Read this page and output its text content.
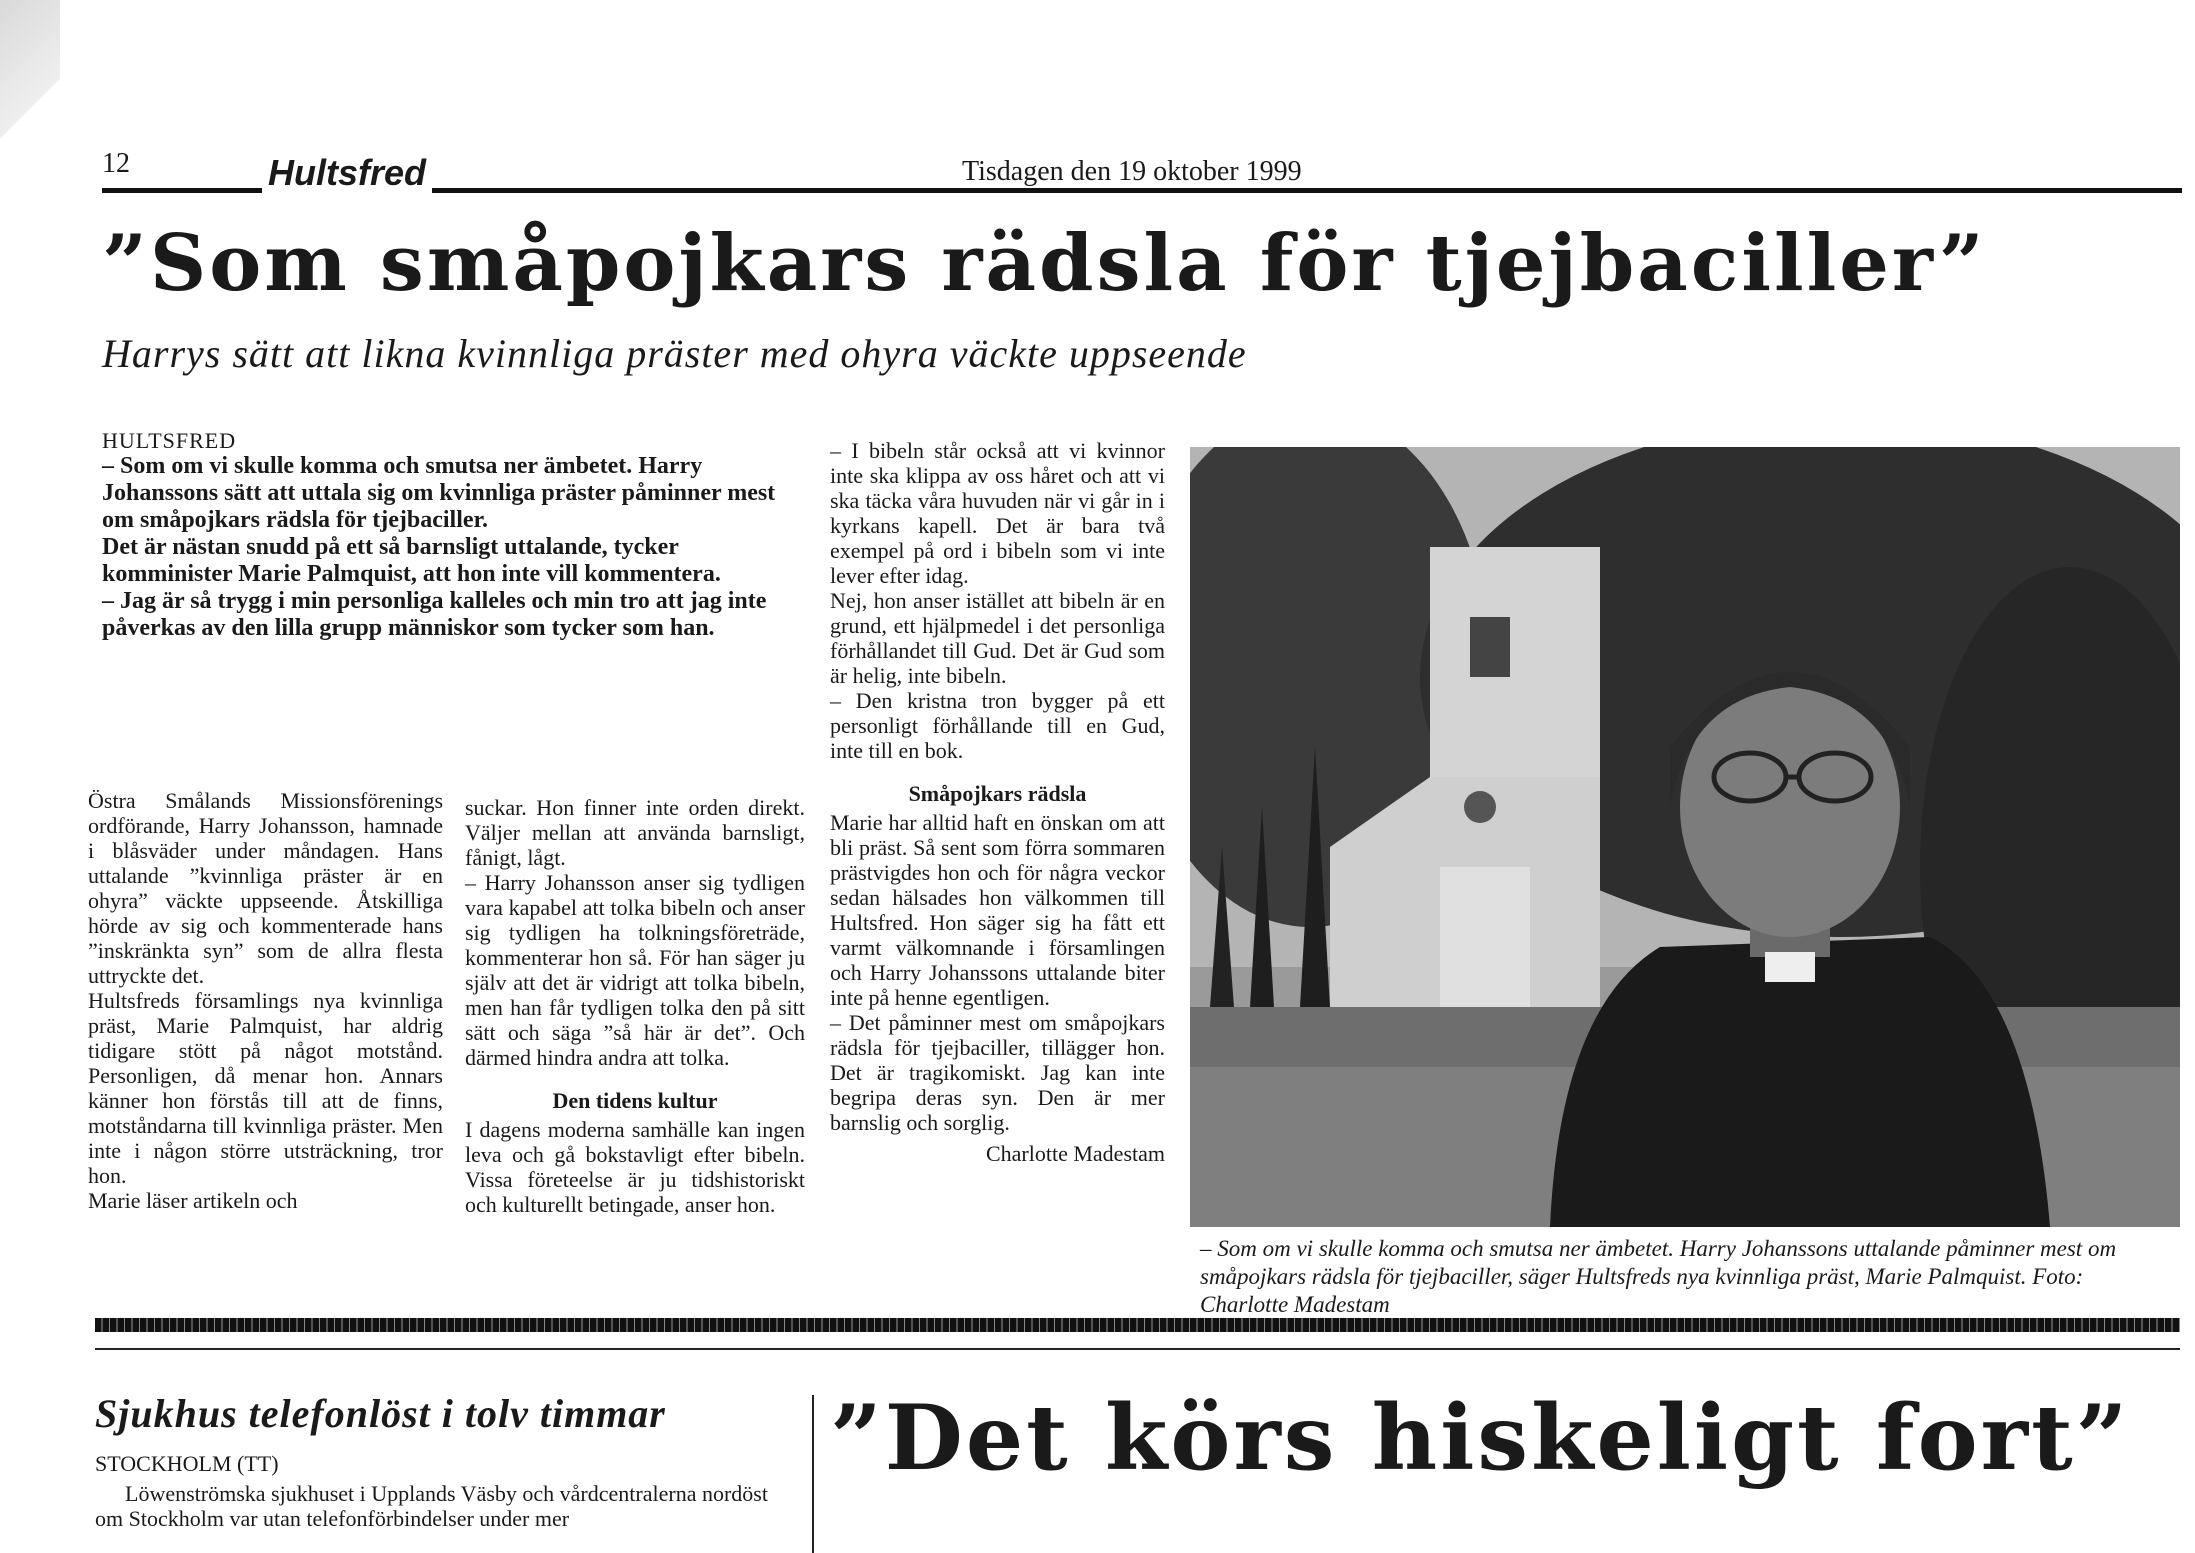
12	Hultsfred	Tisdagen den 19 oktober 1999
”Som småpojkars rädsla för tjejbaciller”
Harrys sätt att likna kvinnliga präster med ohyra väckte uppseende
HULTSFRED

– Som om vi skulle komma och smutsa ner ämbetet. Harry Johanssons sätt att uttala sig om kvinnliga präster påminner mest om småpojkars rädsla för tjejbaciller.

Det är nästan snudd på ett så barnsligt uttalande, tycker komminister Marie Palmquist, att hon inte vill kommentera.

– Jag är så trygg i min personliga kalleles och min tro att jag inte påverkas av den lilla grupp människor som tycker som han.

Östra Smålands Missionsförenings ordförande, Harry Johansson, hamnade i blåsväder under måndagen. Hans uttalande ”kvinnliga präster är en ohyra” väckte uppseende. Åtskilliga hörde av sig och kommenterade hans ”inskränkta syn” som de allra flesta uttryckte det.

Hultsfreds församlings nya kvinnliga präst, Marie Palmquist, har aldrig tidigare stött på något motstånd. Personligen, då menar hon. Annars känner hon förstås till att de finns, motståndarna till kvinnliga präster. Men inte i någon större utsträckning, tror hon.

Marie läser artikeln och

suckar. Hon finner inte orden direkt. Väljer mellan att använda barnsligt, fånigt, lågt.

– Harry Johansson anser sig tydligen vara kapabel att tolka bibeln och anser sig tydligen ha tolkningsföreträde, kommenterar hon så. För han säger ju själv att det är vidrigt att tolka bibeln, men han får tydligen tolka den på sitt sätt och säga ”så här är det”. Och därmed hindra andra att tolka.

Den tidens kultur

I dagens moderna samhälle kan ingen leva och gå bokstavligt efter bibeln. Vissa företeelse är ju tidshistoriskt och kulturellt betingade, anser hon.

– I bibeln står också att vi kvinnor inte ska klippa av oss håret och att vi ska täcka våra huvuden när vi går in i kyrkans kapell. Det är bara två exempel på ord i bibeln som vi inte lever efter idag.

Nej, hon anser istället att bibeln är en grund, ett hjälpmedel i det personliga förhållandet till Gud. Det är Gud som är helig, inte bibeln.

– Den kristna tron bygger på ett personligt förhållande till en Gud, inte till en bok.

Småpojkars rädsla

Marie har alltid haft en önskan om att bli präst. Så sent som förra sommaren prästvigdes hon och för några veckor sedan hälsades hon välkommen till Hultsfred. Hon säger sig ha fått ett varmt välkomnande i församlingen och Harry Johanssons uttalande biter inte på henne egentligen.

– Det påminner mest om småpojkars rädsla för tjejbaciller, tillägger hon. Det är tragikomiskt. Jag kan inte begripa deras syn. Den är mer barnslig och sorglig.

Charlotte Madestam

– Som om vi skulle komma och smutsa ner ämbetet. Harry Johanssons uttalande påminner mest om småpojkars rädsla för tjejbaciller, säger Hultsfreds nya kvinnliga präst, Marie Palmquist. Foto: Charlotte Madestam
Sjukhus telefonlöst i tolv timmar
STOCKHOLM (TT)
Löwenströmska sjukhuset i Upplands Väsby och vårdcentralerna nordöst om Stockholm var utan telefonförbindelser under mer
”Det körs hiskeligt fort”
